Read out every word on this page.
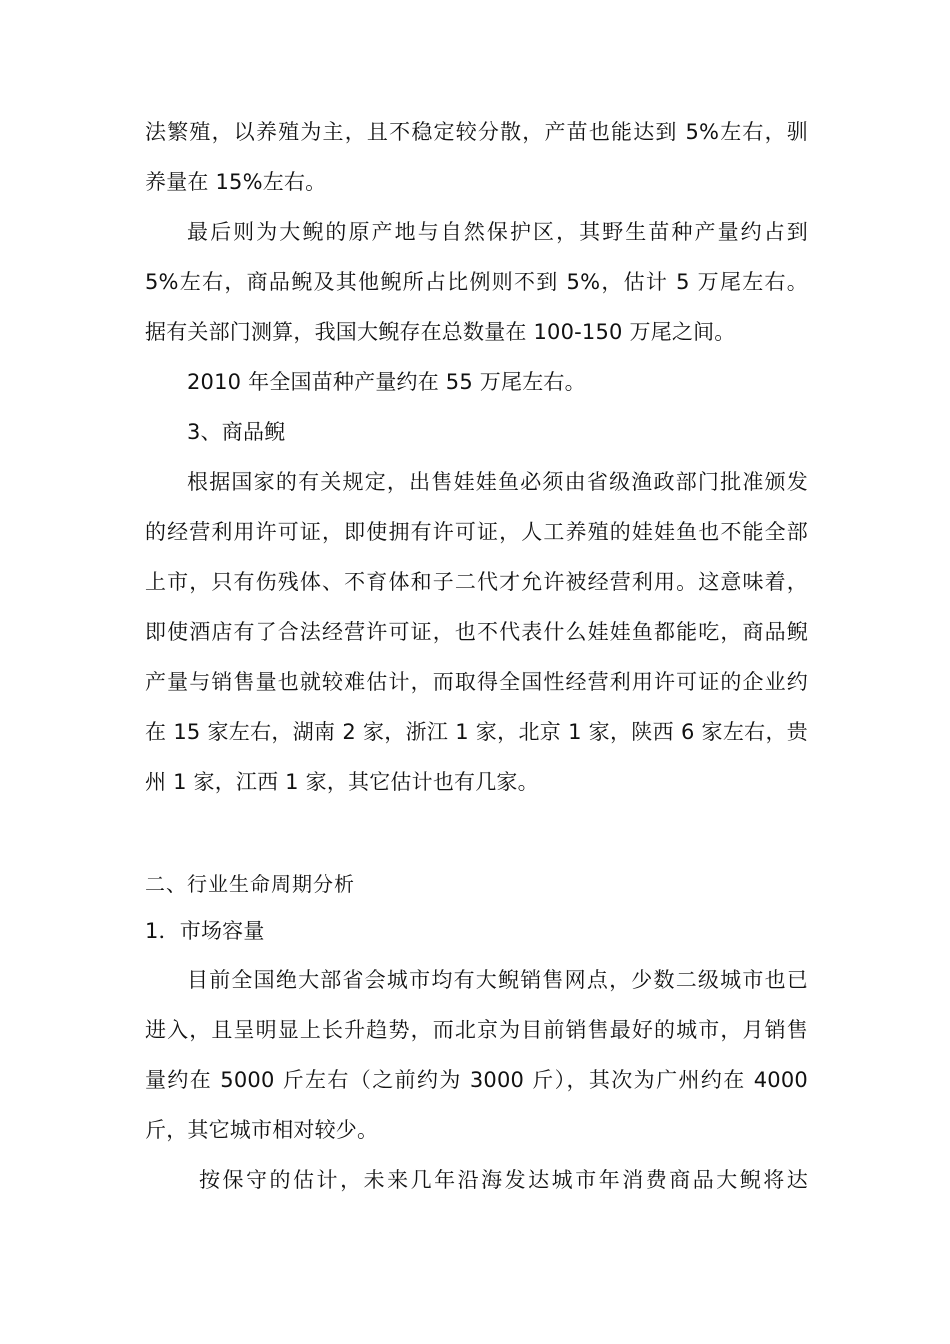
法繁殖，以养殖为主，且不稳定较分散，产苗也能达到 5%左右，驯
养量在 15%左右。
最后则为大鲵的原产地与自然保护区，其野生苗种产量约占到
5%左右，商品鲵及其他鲵所占比例则不到 5%，估计 5 万尾左右。
据有关部门测算，我国大鲵存在总数量在 100-150 万尾之间。
2010 年全国苗种产量约在 55 万尾左右。
3、商品鲵
根据国家的有关规定，出售娃娃鱼必须由省级渔政部门批准颁发
的经营利用许可证，即使拥有许可证，人工养殖的娃娃鱼也不能全部
上市，只有伤残体、不育体和子二代才允许被经营利用。这意味着，
即使酒店有了合法经营许可证，也不代表什么娃娃鱼都能吃，商品鲵
产量与销售量也就较难估计，而取得全国性经营利用许可证的企业约
在 15 家左右，湖南 2 家，浙江 1 家，北京 1 家，陕西 6 家左右，贵
州 1 家，江西 1 家，其它估计也有几家。
二、行业生命周期分析
1．市场容量
目前全国绝大部省会城市均有大鲵销售网点，少数二级城市也已
进入，且呈明显上长升趋势，而北京为目前销售最好的城市，月销售
量约在 5000 斤左右（之前约为 3000 斤），其次为广州约在 4000
斤，其它城市相对较少。
按保守的估计，未来几年沿海发达城市年消费商品大鲵将达
